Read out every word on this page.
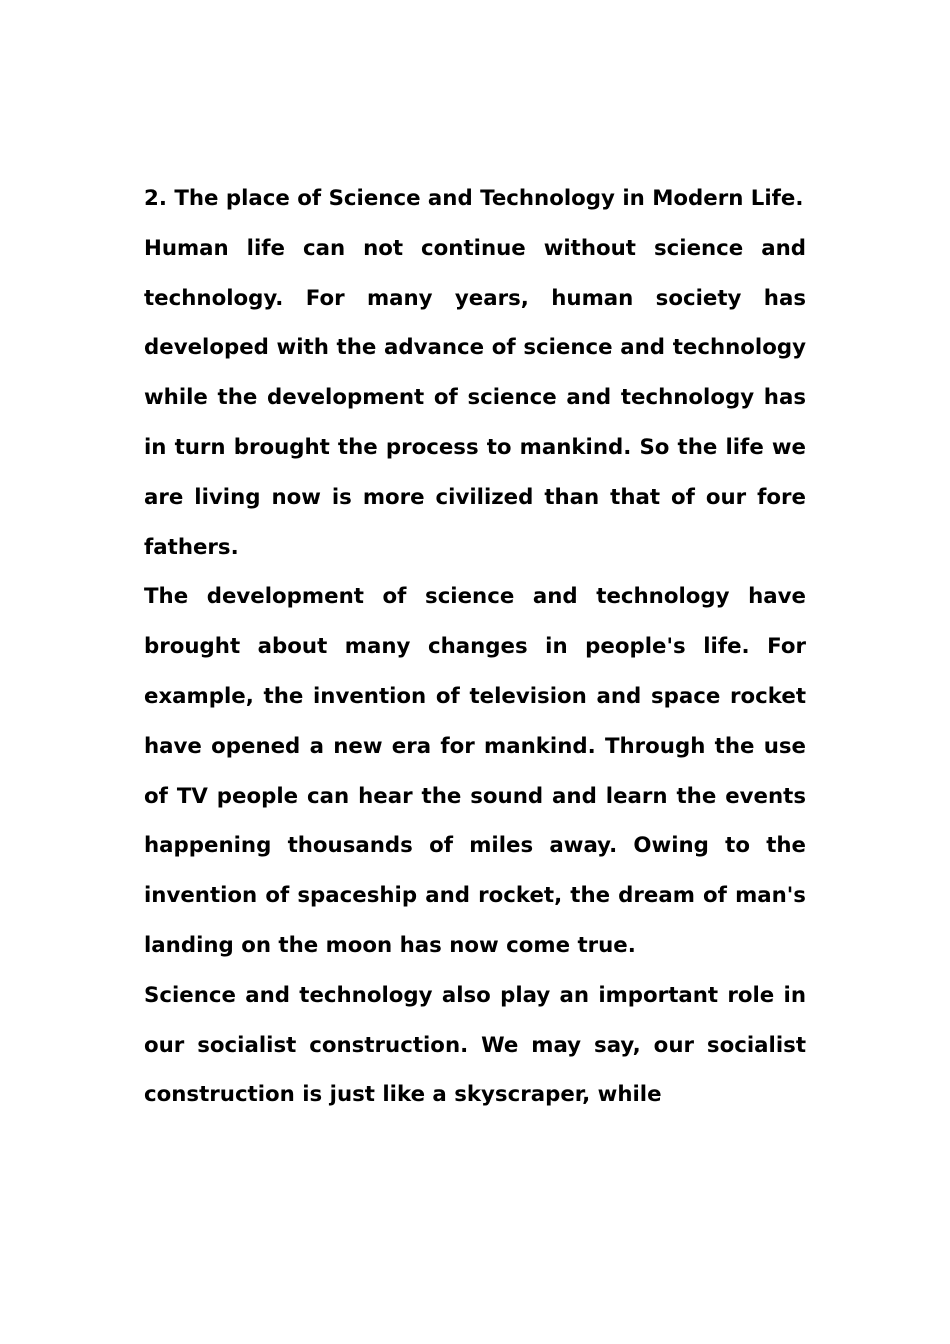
2. The place of Science and Technology in Modern Life.

Human life can not continue without science and technology. For many years, human society has developed with the advance of science and technology while the development of science and technology has in turn brought the process to mankind. So the life we are living now is more civilized than that of our fore fathers.

The development of science and technology have brought about many changes in people's life. For example, the invention of television and space rocket have opened a new era for mankind. Through the use of TV people can hear the sound and learn the events happening thousands of miles away. Owing to the invention of spaceship and rocket, the dream of man's landing on the moon has now come true.

Science and technology also play an important role in our socialist construction. We may say, our socialist construction is just like a skyscraper, while
